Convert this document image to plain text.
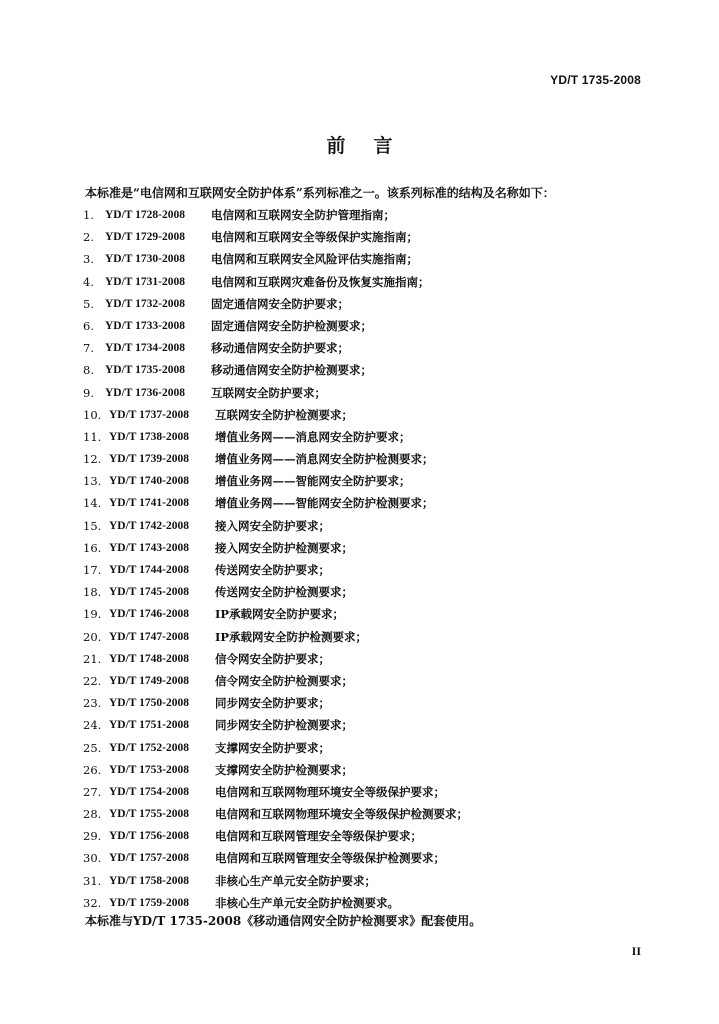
YD/T 1735-2008
前言
本标准是“电信网和互联网安全防护体系”系列标准之一。该系列标准的结构及名称如下：
1. YD/T 1728-2008	电信网和互联网安全防护管理指南；
2. YD/T 1729-2008	电信网和互联网安全等级保护实施指南；
3. YD/T 1730-2008	电信网和互联网安全风险评估实施指南；
4. YD/T 1731-2008	电信网和互联网灾难备份及恢复实施指南；
5. YD/T 1732-2008	固定通信网安全防护要求；
6. YD/T 1733-2008	固定通信网安全防护检测要求；
7. YD/T 1734-2008	移动通信网安全防护要求；
8. YD/T 1735-2008	移动通信网安全防护检测要求；
9. YD/T 1736-2008	互联网安全防护要求；
10. YD/T 1737-2008	互联网安全防护检测要求；
11. YD/T 1738-2008	增值业务网——消息网安全防护要求；
12. YD/T 1739-2008	增值业务网——消息网安全防护检测要求；
13. YD/T 1740-2008	增值业务网——智能网安全防护要求；
14. YD/T 1741-2008	增值业务网——智能网安全防护检测要求；
15. YD/T 1742-2008	接入网安全防护要求；
16. YD/T 1743-2008	接入网安全防护检测要求；
17. YD/T 1744-2008	传送网安全防护要求；
18. YD/T 1745-2008	传送网安全防护检测要求；
19. YD/T 1746-2008	IP承载网安全防护要求；
20. YD/T 1747-2008	IP承载网安全防护检测要求；
21. YD/T 1748-2008	信令网安全防护要求；
22. YD/T 1749-2008	信令网安全防护检测要求；
23. YD/T 1750-2008	同步网安全防护要求；
24. YD/T 1751-2008	同步网安全防护检测要求；
25. YD/T 1752-2008	支撑网安全防护要求；
26. YD/T 1753-2008	支撑网安全防护检测要求；
27. YD/T 1754-2008	电信网和互联网物理环境安全等级保护要求；
28. YD/T 1755-2008	电信网和互联网物理环境安全等级保护检测要求；
29. YD/T 1756-2008	电信网和互联网管理安全等级保护要求；
30. YD/T 1757-2008	电信网和互联网管理安全等级保护检测要求；
31. YD/T 1758-2008	非核心生产单元安全防护要求；
32. YD/T 1759-2008	非核心生产单元安全防护检测要求。
本标准与YD/T 1735-2008《移动通信网安全防护检测要求》配套使用。
II
